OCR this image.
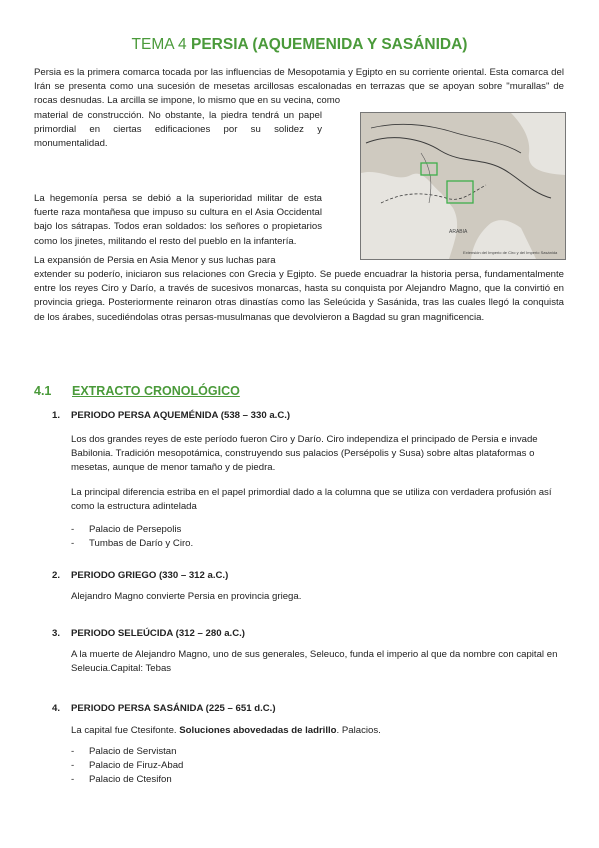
TEMA 4 PERSIA (AQUEMENIDA Y SASÁNIDA)

Persia es la primera comarca tocada por las influencias de Mesopotamia y Egipto en su corriente oriental. Esta comarca del Irán se presenta como una sucesión de mesetas arcillosas escalonadas en terrazas que se apoyan sobre "murallas" de rocas desnudas. La arcilla se impone, lo mismo que en su vecina, como
material de construcción. No obstante, la piedra tendrá un papel primordial en ciertas edificaciones por su solidez y monumentalidad.

ARABIA
Extensión del Imperio de Ciro y del Imperio Sasánida

La hegemonía persa se debió a la superioridad militar de esta fuerte raza montañesa que impuso su cultura en el Asia Occidental bajo los sátrapas. Todos eran soldados: los señores o propietarios como los jinetes, militando el resto del pueblo en la infantería.

La expansión de Persia en Asia Menor y sus luchas para
extender su poderío, iniciaron sus relaciones con Grecia y Egipto. Se puede encuadrar la historia persa, fundamentalmente entre los reyes Ciro y Darío, a través de sucesivos monarcas, hasta su conquista por Alejandro Magno, que la convirtió en provincia griega. Posteriormente reinaron otras dinastías como las Seleúcida y Sasánida, tras las cuales llegó la conquista de los árabes, sucediéndolas otras persas-musulmanas que devolvieron a Bagdad su gran magnificencia.

4.1 EXTRACTO CRONOLÓGICO
1. PERIODO PERSA AQUEMÉNIDA (538 – 330 a.C.)

Los dos grandes reyes de este período fueron Ciro y Darío. Ciro independiza el principado de Persia e invade Babilonia. Tradición mesopotámica, construyendo sus palacios (Persépolis y Susa) sobre altas plataformas o mesetas, aunque de menor tamaño y de piedra.

La principal diferencia estriba en el papel primordial dado a la columna que se utiliza con verdadera profusión así como la estructura adintelada

-	Palacio de Persepolis
-	Tumbas de Darío y Ciro.
2. PERIODO GRIEGO (330 – 312 a.C.)

Alejandro Magno convierte Persia en provincia griega.

3. PERIODO SELEÚCIDA (312 – 280 a.C.)

A la muerte de Alejandro Magno, uno de sus generales, Seleuco, funda el imperio al que da nombre con capital en Seleucia.Capital: Tebas

4. PERIODO PERSA SASÁNIDA (225 – 651 d.C.)

La capital fue Ctesifonte. Soluciones abovedadas de ladrillo. Palacios.

-	Palacio de Servistan
-	Palacio de Firuz-Abad
-	Palacio de Ctesifon
